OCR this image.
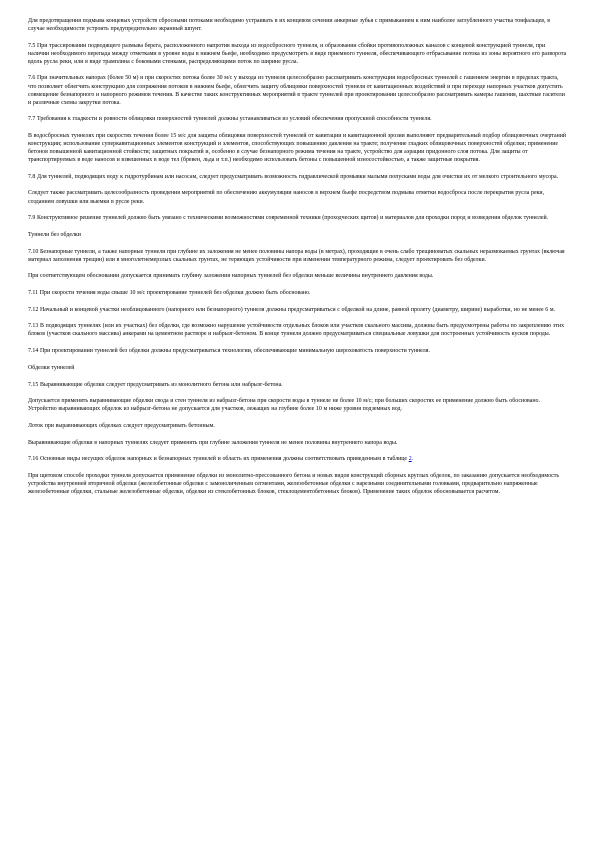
Для предотвращения подмыва концевых устройств сбросными потоками необходимо устраивать в их концевом сечении анкерные зубья с примыканием к ним наиболее заглубленного участка тонфальцев, в случае необходимости устроить предупредительно экранный шпунт.

7.5 При трассировании подводящего размыва берега, расположенного напротив выхода из водосбросного туннеля, и образовании сбойки противоположных каналов с концевой конструкцией туннеля, при наличии необходимого перепада между отметками в уровне воды в нижнем бьефе, необходимо предусмотреть в виде приемного туннеля, обеспечивающего отбрасывание потока из зоны вероятного его разворота вдоль русла реки, или в виде трамплина с боковыми стенками, распределяющими поток по ширине русла.

7.6 При значительных напорах (более 50 м) и при скоростях потока более 30 м/с у выхода из туннеля целесообразно рассматривать конструкции водосбросных туннелей с гашением энергии в пределах тракта, что позволяет облегчить конструкцию для сопряжения потоков в нижнем бьефе, облегчить защиту облицовки поверхностей туннеля от кавитационных воздействий и при переходе напорных участков допустить совмещение безнапорного и напорного режимов течения. В качестве таких конструктивных мероприятий в тракте туннелей при проектировании целесообразно рассматривать камеры гашения, шахтные гасители и различные схемы закрутки потока.

7.7 Требования к гладкости и ровности облицовки поверхностей туннелей должны устанавливаться из условий обеспечения пропускной способности туннеля.

В водосбросных туннелях при скоростях течения более 15 м/с для защиты облицовки поверхностей туннелей от кавитации и кавитационной эрозии выполняют предварительный подбор облицовочных очертаний конструкции; использование суперкавитационных элементов конструкций и элементов, способствующих повышению давления на тракте; получение гладких облицовочных поверхностей обделки; применение бетонов повышенной кавитационной стойкости; защитных покрытий и, особенно в случае безнапорного режима течения на тракте, устройство для аэрации придонного слоя потока. Для защиты от транспортируемых в воде наносов и взвешенных в воде тел (бревен, льда и т.п.) необходимо использовать бетоны с повышенной износостойкостью, а также защитные покрытия.

7.8 Для туннелей, подводящих воду к гидротурбинам или насосам, следует предусматривать возможность гидравлической промывки малыми попусками воды для очистки их от мелкого строительного мусора.

Следует также рассматривать целесообразность проведения мероприятий по обеспечению аккумуляции наносов в верхнем бьефе посредством подмыва отметки водосброса после перекрытия русла реки, созданием ловушки или выемки в русле реки.

7.9 Конструктивное решение туннелей должно быть увязано с техническими возможностями современной техники (проходческих щитов) и материалов для проходки пород и возведения обделок туннелей.

Туннели без обделки

7.10 Безнапорные туннели, а также напорные туннели при глубине их заложения не менее половины напора воды (в метрах), проходящие в очень слабо трещиноватых скальных неразмокаемых грунтах (включая материал заполнения трещин) или в многолетнемерзлых скальных грунтах, не теряющих устойчивости при изменении температурного режима, следует проектировать без обделки.

При соответствующем обосновании допускается принимать глубину заложения напорных туннелей без обделки меньше величины внутреннего давления воды.

7.11 При скорости течения воды свыше 10 м/с проектирование туннелей без обделки должно быть обосновано.

7.12 Начальный и концевой участки необлицованного (напорного или безнапорного) туннеля должны предусматриваться с обделкой на длине, равной пролету (диаметру, ширине) выработки, но не менее 6 м.

7.13 В подводящих туннелях (или их участках) без обделки, где возможно нарушение устойчивости отдельных блоков или участков скального массива, должны быть предусмотрены работы по закреплению этих блоков (участков скального массива) анкерами на цементном растворе и набрызг-бетоном. В конце туннеля должно предусматриваться специальные ловушки для построенных устойчивость кусков породы.

7.14 При проектировании туннелей без обделки должны предусматриваться технологии, обеспечивающие минимальную шероховатость поверхности туннеля.

Обделки туннелей

7.15 Выравнивающие обделки следует предусматривать из монолитного бетона или набрызг-бетона.

Допускается применять выравнивающие обделки свода и стен туннеля из набрызг-бетона при скорости воды в туннеле не более 10 м/с; при больших скоростях ее применение должно быть обосновано. Устройство выравнивающих обделок из набрызг-бетона не допускается для участков, лежащих на глубине более 10 м ниже уровня подземных вод.

Лоток при выравнивающих обделках следует предусматривать бетонным.

Выравнивающие обделки в напорных туннелях следует применять при глубине заложения туннеля не менее половины внутреннего напора воды.

7.16 Основные виды несущих обделок напорных и безнапорных туннелей и область их применения должны соответствовать приведенным в таблице 2.

При щитовом способе проходки туннеля допускается применение обделки из монолитно-прессованного бетона и новых видов конструкций сборных круглых обделок, по заказанию допускается необходимость устройства внутренней вторичной обделки (железобетонные обделки с замоноличенным сегментами, железобетонные обделки с нарезными соединительными головками, предварительно напряженные железобетонные обделки, стальные железобетонные обделки, обделки из стеклобетонных блоков, стеклоцементобетонных блоков). Применение таких обделок обосновывается расчетом.
